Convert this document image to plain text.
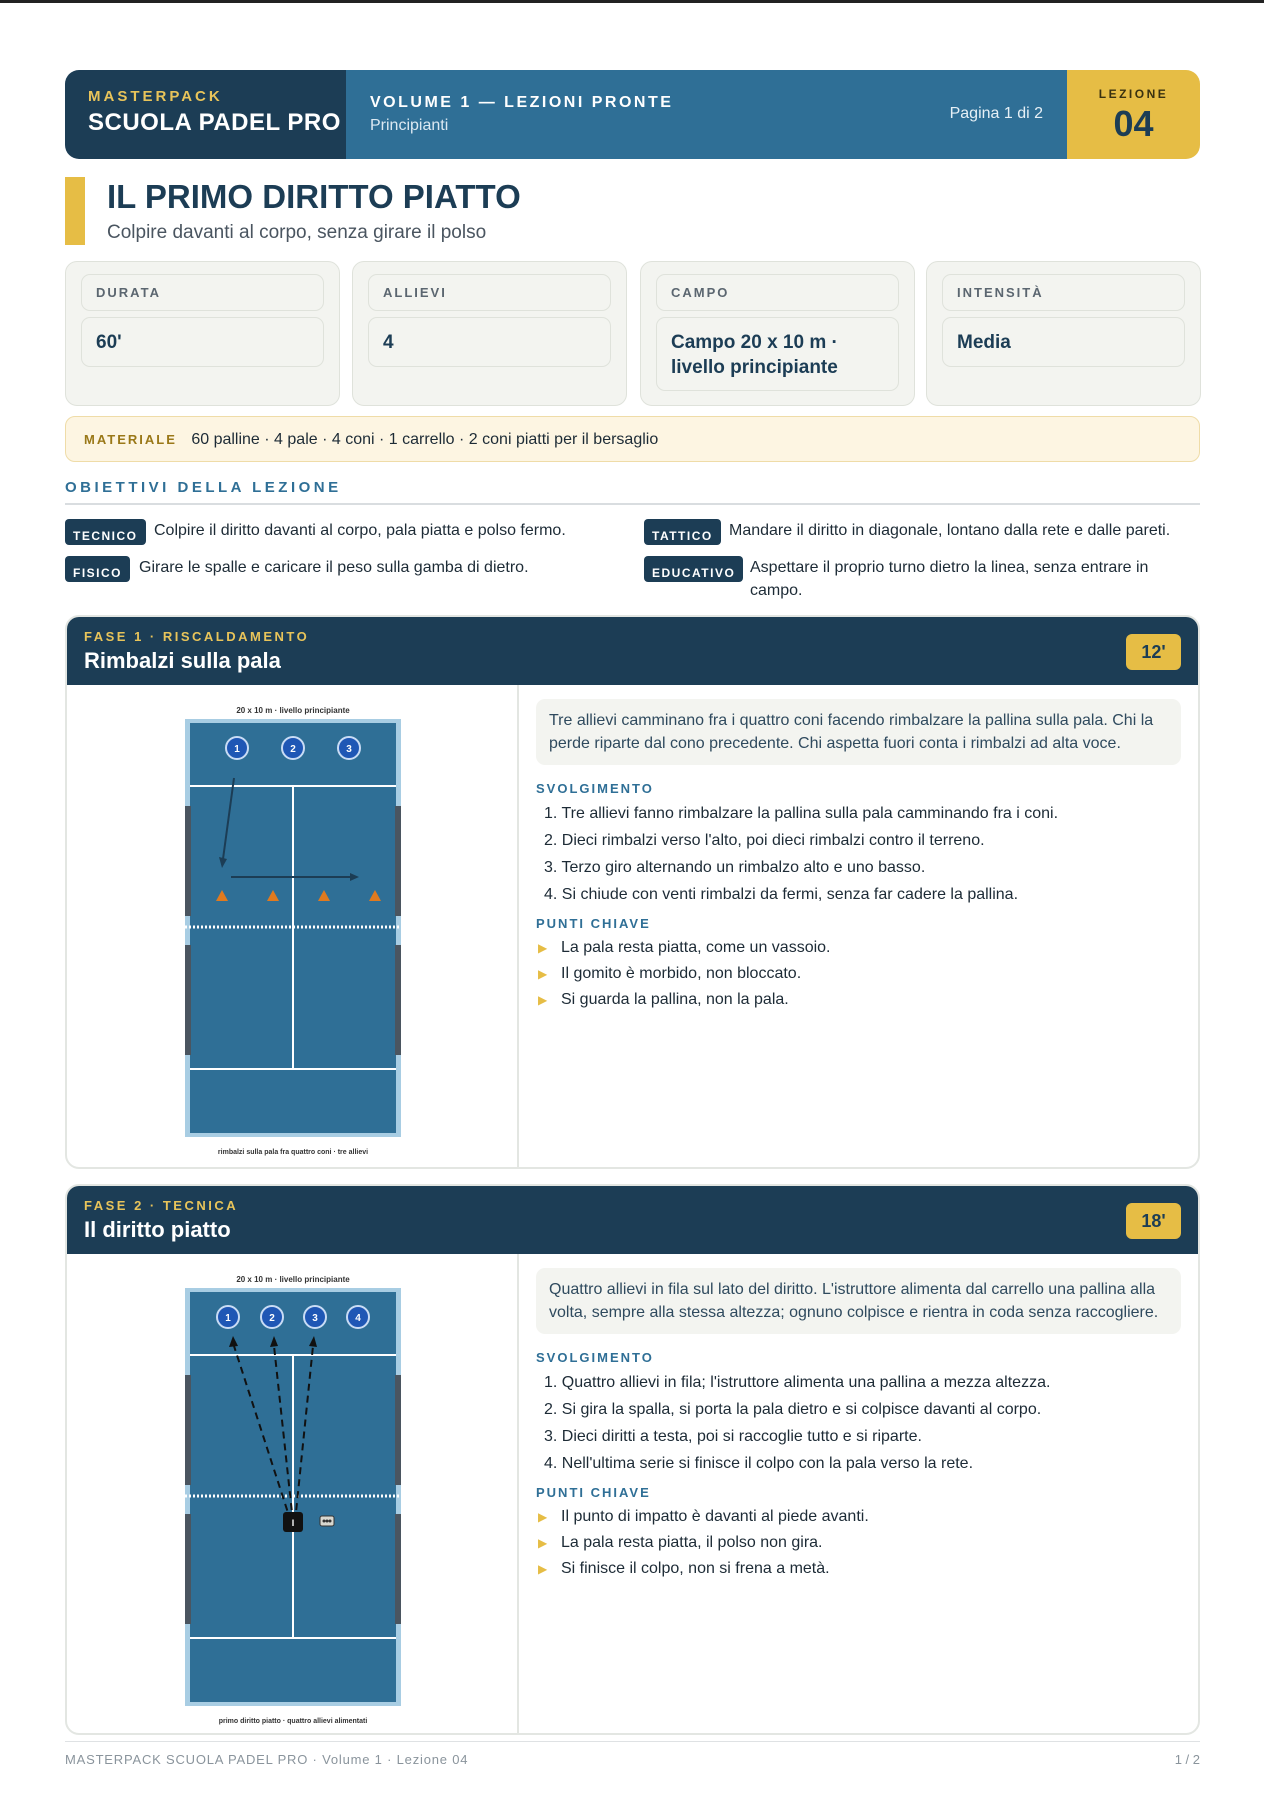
MASTERPACK
SCUOLA PADEL PRO
VOLUME 1 — LEZIONI PRONTE
Principianti
Pagina 1 di 2
LEZIONE
04
IL PRIMO DIRITTO PIATTO
Colpire davanti al corpo, senza girare il polso
DURATA
60'
ALLIEVI
4
CAMPO
Campo 20 x 10 m · livello principiante
INTENSITÀ
Media
MATERIALE 60 palline · 4 pale · 4 coni · 1 carrello · 2 coni piatti per il bersaglio
OBIETTIVI DELLA LEZIONE
TECNICO	Colpire il diritto davanti al corpo, pala piatta e polso fermo.	TATTICO	Mandare il diritto in diagonale, lontano dalla rete e dalle pareti.
FISICO	Girare le spalle e caricare il peso sulla gamba di dietro.	EDUCATIVO Aspettare il proprio turno dietro la linea, senza entrare in campo.
FASE 1 · RISCALDAMENTO
Rimbalzi sulla pala	12'
20 x 10 m · livello principiante
1	2	3
rimbalzi sulla pala fra quattro coni · tre allievi
Tre allievi camminano fra i quattro coni facendo rimbalzare la pallina sulla pala. Chi la perde riparte dal cono precedente. Chi aspetta fuori conta i rimbalzi ad alta voce.
SVOLGIMENTO
1. Tre allievi fanno rimbalzare la pallina sulla pala camminando fra i coni.
2. Dieci rimbalzi verso l'alto, poi dieci rimbalzi contro il terreno.
3. Terzo giro alternando un rimbalzo alto e uno basso.
4. Si chiude con venti rimbalzi da fermi, senza far cadere la pallina.
PUNTI CHIAVE
▶ La pala resta piatta, come un vassoio.
▶ Il gomito è morbido, non bloccato.
▶ Si guarda la pallina, non la pala.
FASE 2 · TECNICA
Il diritto piatto	18'
20 x 10 m · livello principiante
1	2	3	4
I
primo diritto piatto · quattro allievi alimentati
Quattro allievi in fila sul lato del diritto. L'istruttore alimenta dal carrello una pallina alla volta, sempre alla stessa altezza; ognuno colpisce e rientra in coda senza raccogliere.
SVOLGIMENTO
1. Quattro allievi in fila; l'istruttore alimenta una pallina a mezza altezza.
2. Si gira la spalla, si porta la pala dietro e si colpisce davanti al corpo.
3. Dieci diritti a testa, poi si raccoglie tutto e si riparte.
4. Nell'ultima serie si finisce il colpo con la pala verso la rete.
PUNTI CHIAVE
▶ Il punto di impatto è davanti al piede avanti.
▶ La pala resta piatta, il polso non gira.
▶ Si finisce il colpo, non si frena a metà.
MASTERPACK SCUOLA PADEL PRO · Volume 1 · Lezione 04	1 / 2
